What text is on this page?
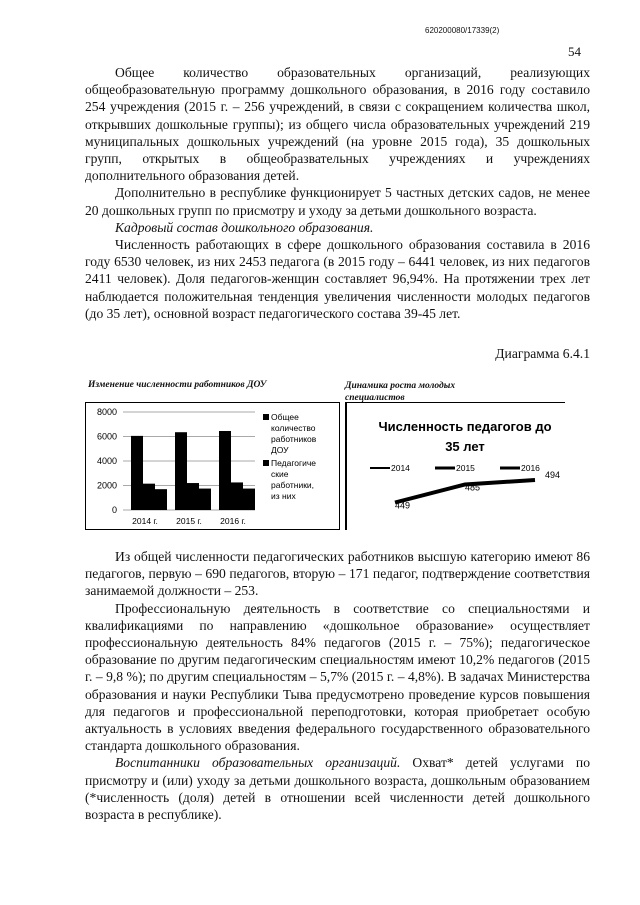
620200080/17339(2)
54

Общее количество образовательных организаций, реализующих общеобразовательную программу дошкольного образования, в 2016 году составило 254 учреждения (2015 г. – 256 учреждений, в связи с сокращением количества школ, открывших дошкольные группы); из общего числа образовательных учреждений 219 муниципальных дошкольных учреждений (на уровне 2015 года), 35 дошкольных групп, открытых в общеобразвательных учреждениях и учреждениях дополнительного образования детей.

Дополнительно в республике функционирует 5 частных детских садов, не менее 20 дошкольных групп по присмотру и уходу за детьми дошкольного возраста.

Кадровый состав дошкольного образования.

Численность работающих в сфере дошкольного образования составила в 2016 году 6530 человек, из них 2453 педагога (в 2015 году – 6441 человек, из них педагогов 2411 человек). Доля педагогов-женщин составляет 96,94%. На протяжении трех лет наблюдается положительная тенденция увеличения численности молодых педагогов (до 35 лет), основной возраст педагогического состава 39-45 лет.

Диаграмма 6.4.1
Изменение численности работников ДОУ	Динамика роста молодых специалистов
0
2000
4000
6000
8000
2014 г. 2015 г. 2016 г.
Общее
количество
работников
ДОУ
Педагогиче
ские
работники,
из них
Численность педагогов до
35 лет
2014	2015	2016
449
485
494

Из общей численности педагогических работников высшую категорию имеют 86 педагогов, первую – 690 педагогов, вторую – 171 педагог, подтверждение соответствия занимаемой должности – 253.

Профессиональную деятельность в соответствие со специальностями и квалификациями по направлению «дошкольное образование» осуществляет профессиональную деятельность 84% педагогов (2015 г. – 75%); педагогическое образование по другим педагогическим специальностям имеют 10,2% педагогов (2015 г. – 9,8 %); по другим специальностям – 5,7% (2015 г. – 4,8%). В задачах Министерства образования и науки Республики Тыва предусмотрено проведение курсов повышения для педагогов и профессиональной переподготовки, которая приобретает особую актуальность в условиях введения федерального государственного образовательного стандарта дошкольного образования.

Воспитанники образовательных организаций. Охват* детей услугами по присмотру и (или) уходу за детьми дошкольного возраста, дошкольным образованием (*численность (доля) детей в отношении всей численности детей дошкольного возраста в республике).
